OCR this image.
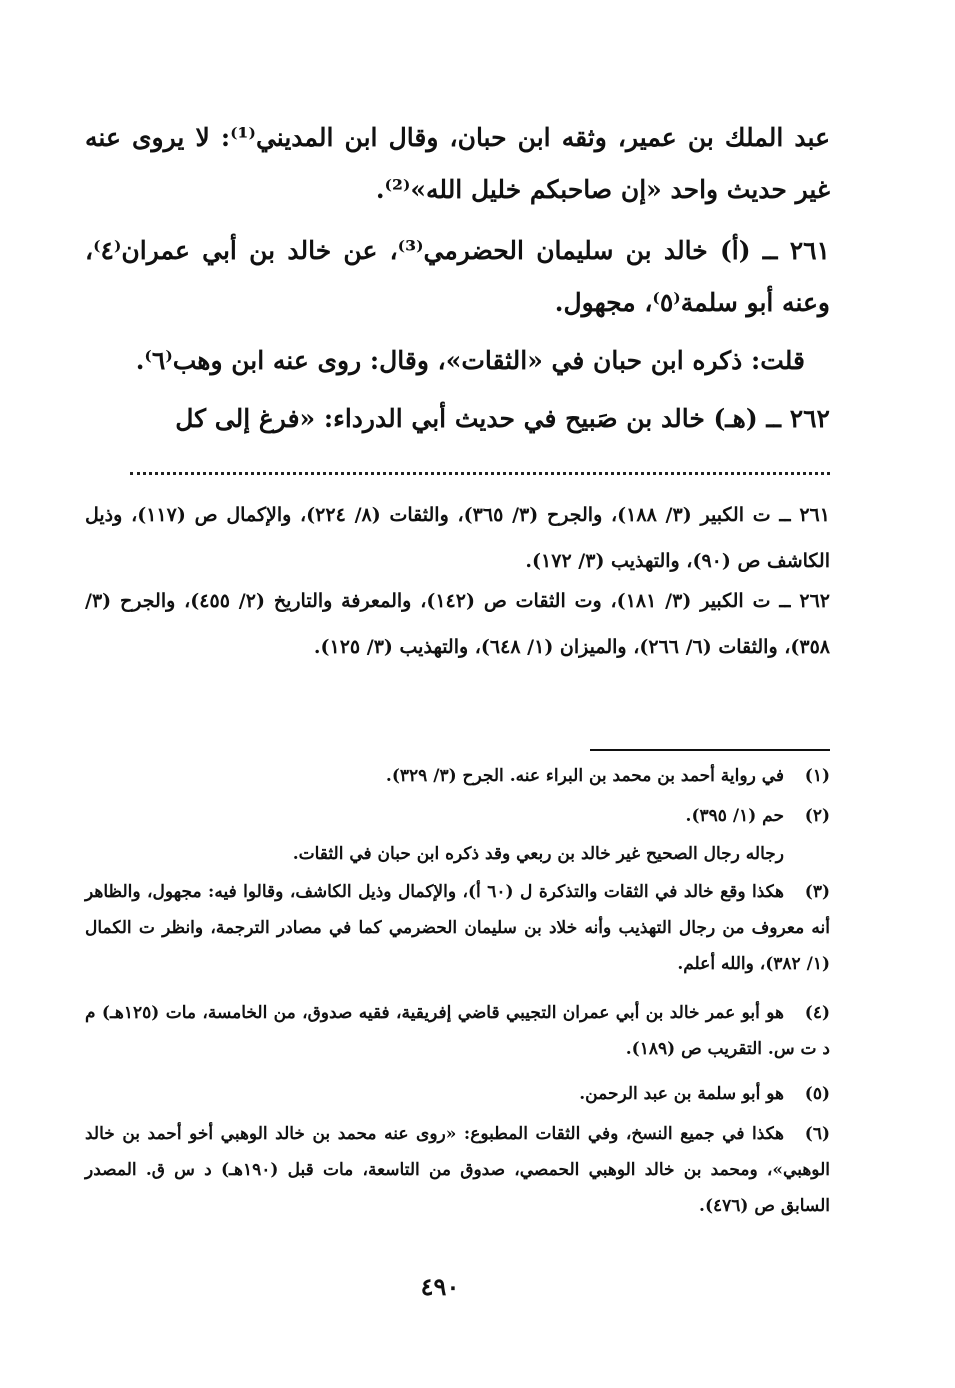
عبد الملك بن عمير، وثقه ابن حبان، وقال ابن المديني⁽¹⁾: لا يروى عنه غير حديث واحد «إن صاحبكم خليل الله»⁽²⁾.
٢٦١ ــ (أ) خالد بن سليمان الحضرمي⁽³⁾، عن خالد بن أبي عمران⁽٤⁾، وعنه أبو سلمة⁽٥⁾، مجهول.
قلت: ذكره ابن حبان في «الثقات»، وقال: روى عنه ابن وهب⁽٦⁾.
٢٦٢ ــ (هـ) خالد بن صَبيح في حديث أبي الدرداء: «فرغ إلى كل
٢٦١ ــ ت الكبير (٣/ ١٨٨)، والجرح (٣/ ٣٦٥)، والثقات (٨/ ٢٢٤)، والإكمال ص (١١٧)، وذيل الكاشف ص (٩٠)، والتهذيب (٣/ ١٧٢).
٢٦٢ ــ ت الكبير (٣/ ١٨١)، وت الثقات ص (١٤٢)، والمعرفة والتاريخ (٢/ ٤٥٥)، والجرح (٣/ ٣٥٨)، والثقات (٦/ ٢٦٦)، والميزان (١/ ٦٤٨)، والتهذيب (٣/ ١٢٥).
(١)في رواية أحمد بن محمد بن البراء عنه. الجرح (٣/ ٣٢٩).
(٢)حم (١/ ٣٩٥).
رجاله رجال الصحيح غير خالد بن ربعي وقد ذكره ابن حبان في الثقات.
(٣)هكذا وقع خالد في الثقات والتذكرة ل (٦٠ أ)، والإكمال وذيل الكاشف، وقالوا فيه: مجهول، والظاهر أنه معروف من رجال التهذيب وأنه خلاد بن سليمان الحضرمي كما في مصادر الترجمة، وانظر ت الكمال (١/ ٣٨٢)، والله أعلم.
(٤)هو أبو عمر خالد بن أبي عمران التجيبي قاضي إفريقية، فقيه صدوق، من الخامسة، مات (١٢٥هـ) م د ت س. التقريب ص (١٨٩).
(٥)هو أبو سلمة بن عبد الرحمن.
(٦)هكذا في جميع النسخ، وفي الثقات المطبوع: «روى عنه محمد بن خالد الوهبي أخو أحمد بن خالد الوهبي»، ومحمد بن خالد الوهبي الحمصي، صدوق من التاسعة، مات قبل (١٩٠هـ) د س ق. المصدر السابق ص (٤٧٦).
٤٩٠
